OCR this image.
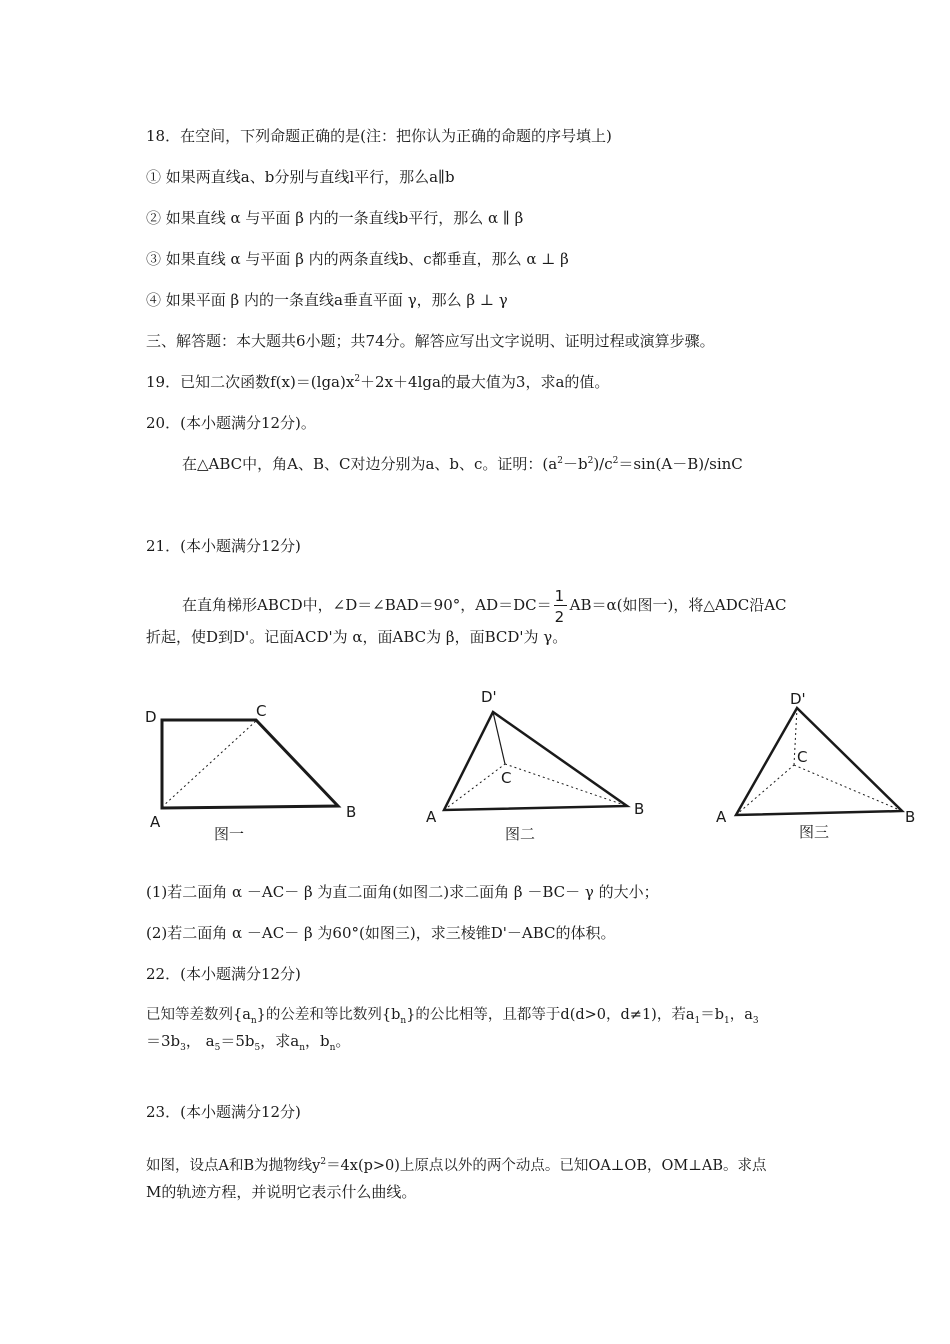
18．在空间，下列命题正确的是(注：把你认为正确的命题的序号填上)
① 如果两直线a、b分别与直线l平行，那么a∥b
② 如果直线 α 与平面 β 内的一条直线b平行，那么 α ∥ β
③ 如果直线 α 与平面 β 内的两条直线b、c都垂直，那么 α ⊥ β
④ 如果平面 β 内的一条直线a垂直平面 γ，那么 β ⊥ γ
三、解答题：本大题共6小题；共74分。解答应写出文字说明、证明过程或演算步骤。
19．已知二次函数$f(x)=(\lg a)x^2+2x+4\lg a$的最大值为3，求a的值。
20．(本小题满分12分)。
在△ABC中，角A、B、C对边分别为a、b、c。证明：$(a^2-b^2)/c^2=\sin(A-B)$/sinC
21．(本小题满分12分)
在直角梯形ABCD中，∠D＝∠BAD＝90°，AD＝DC＝
$\frac{1}{2}$
AB＝α(如图一)，将△ADC沿AC
折起，使D到D'。记面ACD'为 α，面ABC为 β，面BCD'为 γ。
D	C
A
B
图一
D'
C
A	B
图二
D'
C
A	B
图三
(1)若二面角 α －AC－ β 为直二面角(如图二)求二面角 β －BC－ γ 的大小；
(2)若二面角 α －AC－ β 为60°(如图三)，求三棱锥D'－ABC的体积。
22．(本小题满分12分)
已知等差数列$\{a_n\}$的公差和等比数列$\{b_n\}$的公比相等，且都等于d(d>0，d≠1)，若$a_1=b_1$，$a_3$
$=3b_3$， $a_5=5b_5$，求$a_n$，$b_n$。
23．(本小题满分12分)
如图，设点A和B为抛物线$y^2=4x(p>0)$上原点以外的两个动点。已知OA⊥OB，OM⊥AB。求点
M的轨迹方程，并说明它表示什么曲线。
